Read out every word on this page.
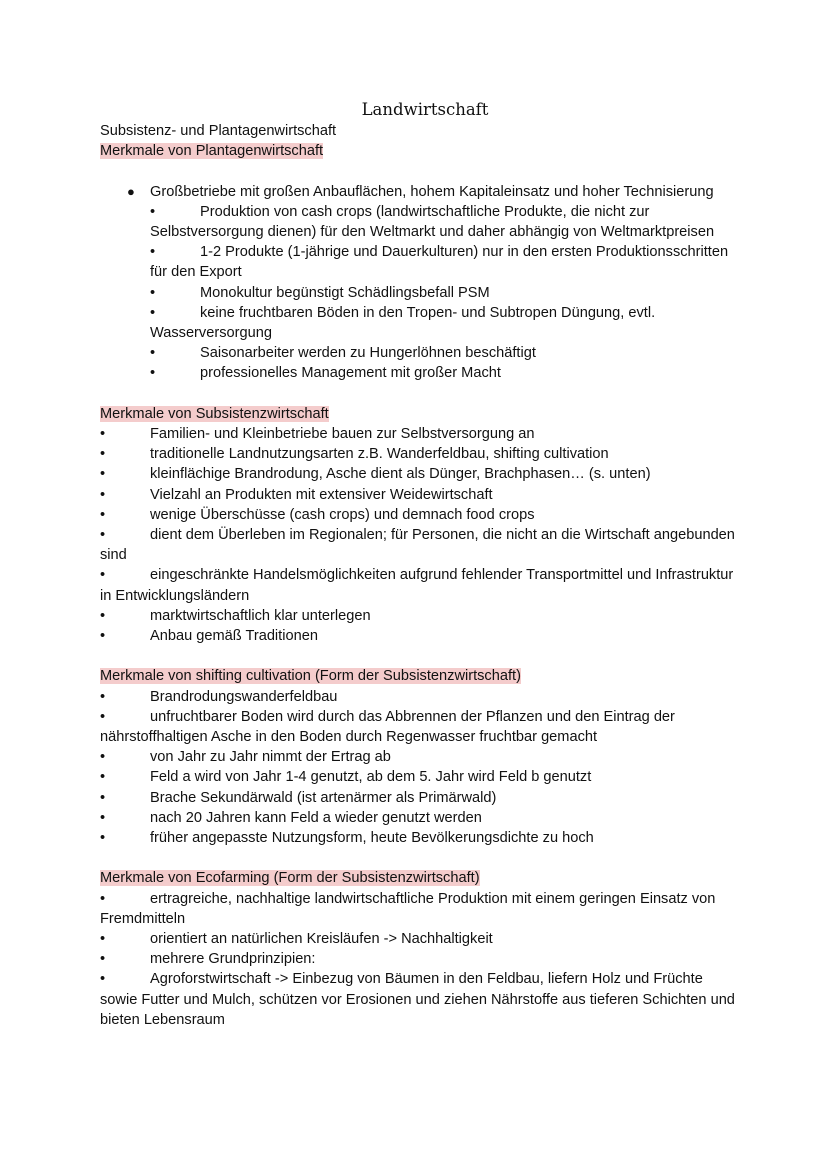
Landwirtschaft
Subsistenz- und Plantagenwirtschaft
Merkmale von Plantagenwirtschaft
● Großbetriebe mit großen Anbauflächen, hohem Kapitaleinsatz und hoher Technisierung
•	Produktion von cash crops (landwirtschaftliche Produkte, die nicht zur Selbstversorgung dienen) für den Weltmarkt und daher abhängig von Weltmarktpreisen
•	1-2 Produkte (1-jährige und Dauerkulturen) nur in den ersten Produktionsschritten für den Export
•	Monokultur begünstigt Schädlingsbefall PSM
•	keine fruchtbaren Böden in den Tropen- und Subtropen Düngung, evtl. Wasserversorgung
•	Saisonarbeiter werden zu Hungerlöhnen beschäftigt
•	professionelles Management mit großer Macht
Merkmale von Subsistenzwirtschaft
•	Familien- und Kleinbetriebe bauen zur Selbstversorgung an
•	traditionelle Landnutzungsarten z.B. Wanderfeldbau, shifting cultivation
•	kleinflächige Brandrodung, Asche dient als Dünger, Brachphasen… (s. unten)
•	Vielzahl an Produkten mit extensiver Weidewirtschaft
•	wenige Überschüsse (cash crops) und demnach food crops
•	dient dem Überleben im Regionalen; für Personen, die nicht an die Wirtschaft angebunden sind
•	eingeschränkte Handelsmöglichkeiten aufgrund fehlender Transportmittel und Infrastruktur in Entwicklungsländern
•	marktwirtschaftlich klar unterlegen
•	Anbau gemäß Traditionen
Merkmale von shifting cultivation (Form der Subsistenzwirtschaft)
•	Brandrodungswanderfeldbau
•	unfruchtbarer Boden wird durch das Abbrennen der Pflanzen und den Eintrag der nährstoffhaltigen Asche in den Boden durch Regenwasser fruchtbar gemacht
•	von Jahr zu Jahr nimmt der Ertrag ab
•	Feld a wird von Jahr 1-4 genutzt, ab dem 5. Jahr wird Feld b genutzt
•	Brache Sekundärwald (ist artenärmer als Primärwald)
•	nach 20 Jahren kann Feld a wieder genutzt werden
•	früher angepasste Nutzungsform, heute Bevölkerungsdichte zu hoch
Merkmale von Ecofarming (Form der Subsistenzwirtschaft)
•	ertragreiche, nachhaltige landwirtschaftliche Produktion mit einem geringen Einsatz von Fremdmitteln
•	orientiert an natürlichen Kreisläufen -> Nachhaltigkeit
•	mehrere Grundprinzipien:
•	Agroforstwirtschaft -> Einbezug von Bäumen in den Feldbau, liefern Holz und Früchte sowie Futter und Mulch, schützen vor Erosionen und ziehen Nährstoffe aus tieferen Schichten und bieten Lebensraum
